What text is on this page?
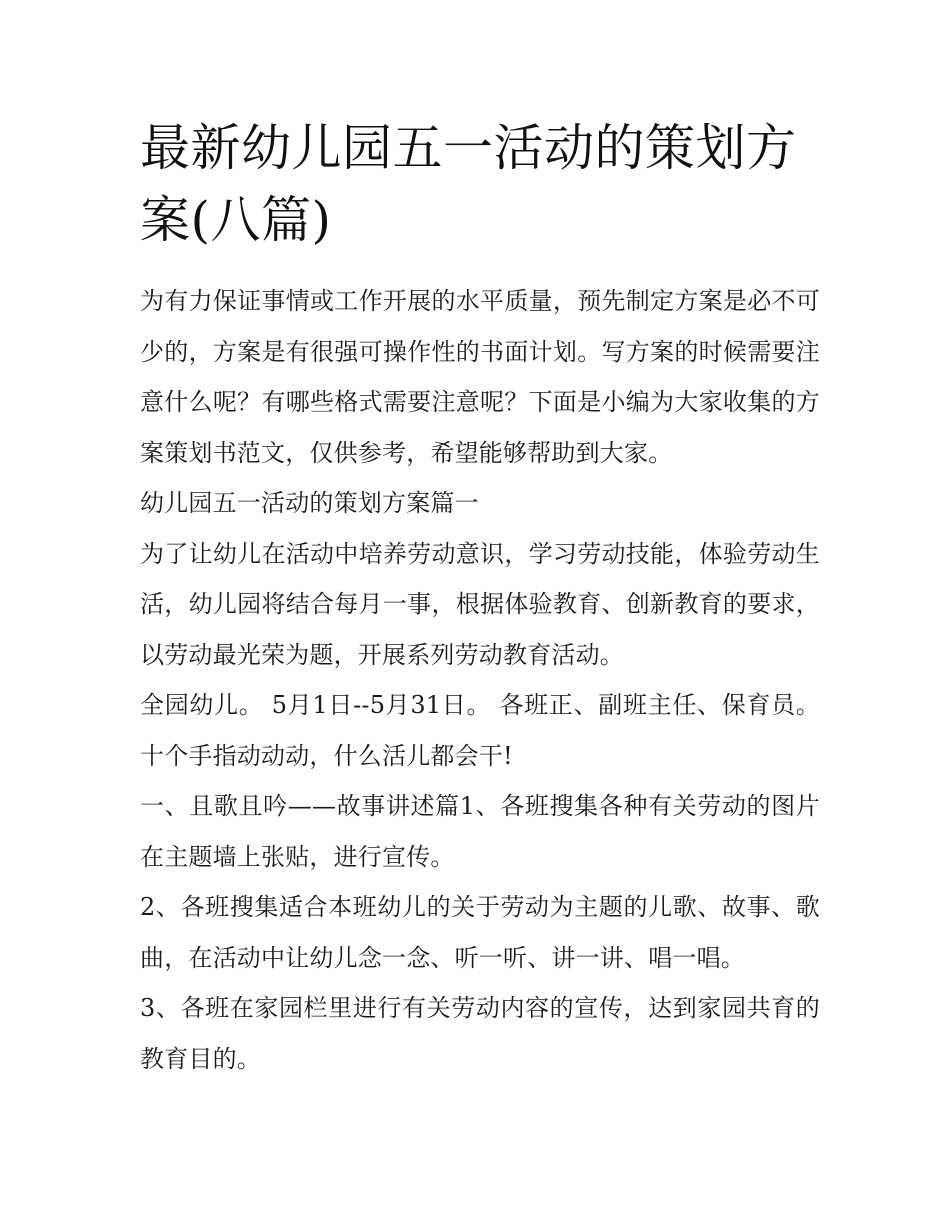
最新幼儿园五一活动的策划方案(八篇)

为有力保证事情或工作开展的水平质量，预先制定方案是必不可少的，方案是有很强可操作性的书面计划。写方案的时候需要注意什么呢？有哪些格式需要注意呢？下面是小编为大家收集的方案策划书范文，仅供参考，希望能够帮助到大家。

幼儿园五一活动的策划方案篇一

为了让幼儿在活动中培养劳动意识，学习劳动技能，体验劳动生活，幼儿园将结合每月一事，根据体验教育、创新教育的要求，以劳动最光荣为题，开展系列劳动教育活动。

全园幼儿。 5月1日--5月31日。 各班正、副班主任、保育员。 十个手指动动动，什么活儿都会干!

一、且歌且吟——故事讲述篇1、各班搜集各种有关劳动的图片在主题墙上张贴，进行宣传。

2、各班搜集适合本班幼儿的关于劳动为主题的儿歌、故事、歌曲，在活动中让幼儿念一念、听一听、讲一讲、唱一唱。

3、各班在家园栏里进行有关劳动内容的宣传，达到家园共育的教育目的。
